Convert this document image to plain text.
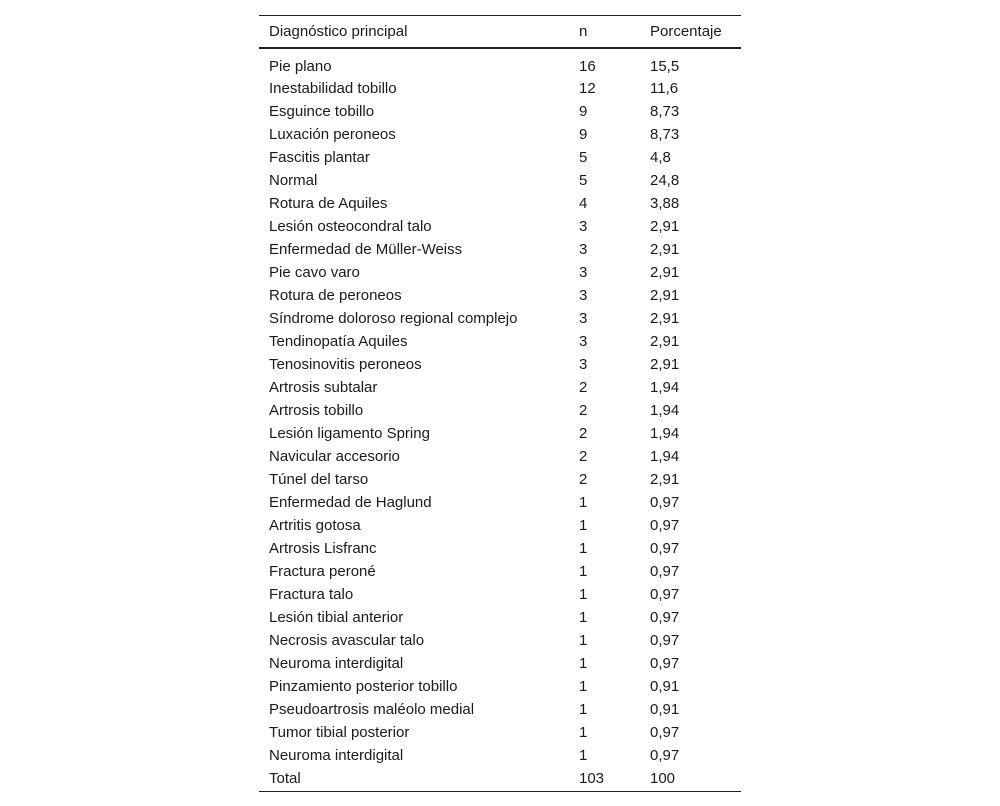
Diagnóstico principal	n	Porcentaje
Pie plano	16	15,5
Inestabilidad tobillo	12	11,6
Esguince tobillo	9	8,73
Luxación peroneos	9	8,73
Fascitis plantar	5	4,8
Normal	5	24,8
Rotura de Aquiles	4	3,88
Lesión osteocondral talo	3	2,91
Enfermedad de Müller-Weiss	3	2,91
Pie cavo varo	3	2,91
Rotura de peroneos	3	2,91
Síndrome doloroso regional complejo	3	2,91
Tendinopatía Aquiles	3	2,91
Tenosinovitis peroneos	3	2,91
Artrosis subtalar	2	1,94
Artrosis tobillo	2	1,94
Lesión ligamento Spring	2	1,94
Navicular accesorio	2	1,94
Túnel del tarso	2	2,91
Enfermedad de Haglund	1	0,97
Artritis gotosa	1	0,97
Artrosis Lisfranc	1	0,97
Fractura peroné	1	0,97
Fractura talo	1	0,97
Lesión tibial anterior	1	0,97
Necrosis avascular talo	1	0,97
Neuroma interdigital	1	0,97
Pinzamiento posterior tobillo	1	0,91
Pseudoartrosis maléolo medial	1	0,91
Tumor tibial posterior	1	0,97
Neuroma interdigital	1	0,97
Total	103	100
